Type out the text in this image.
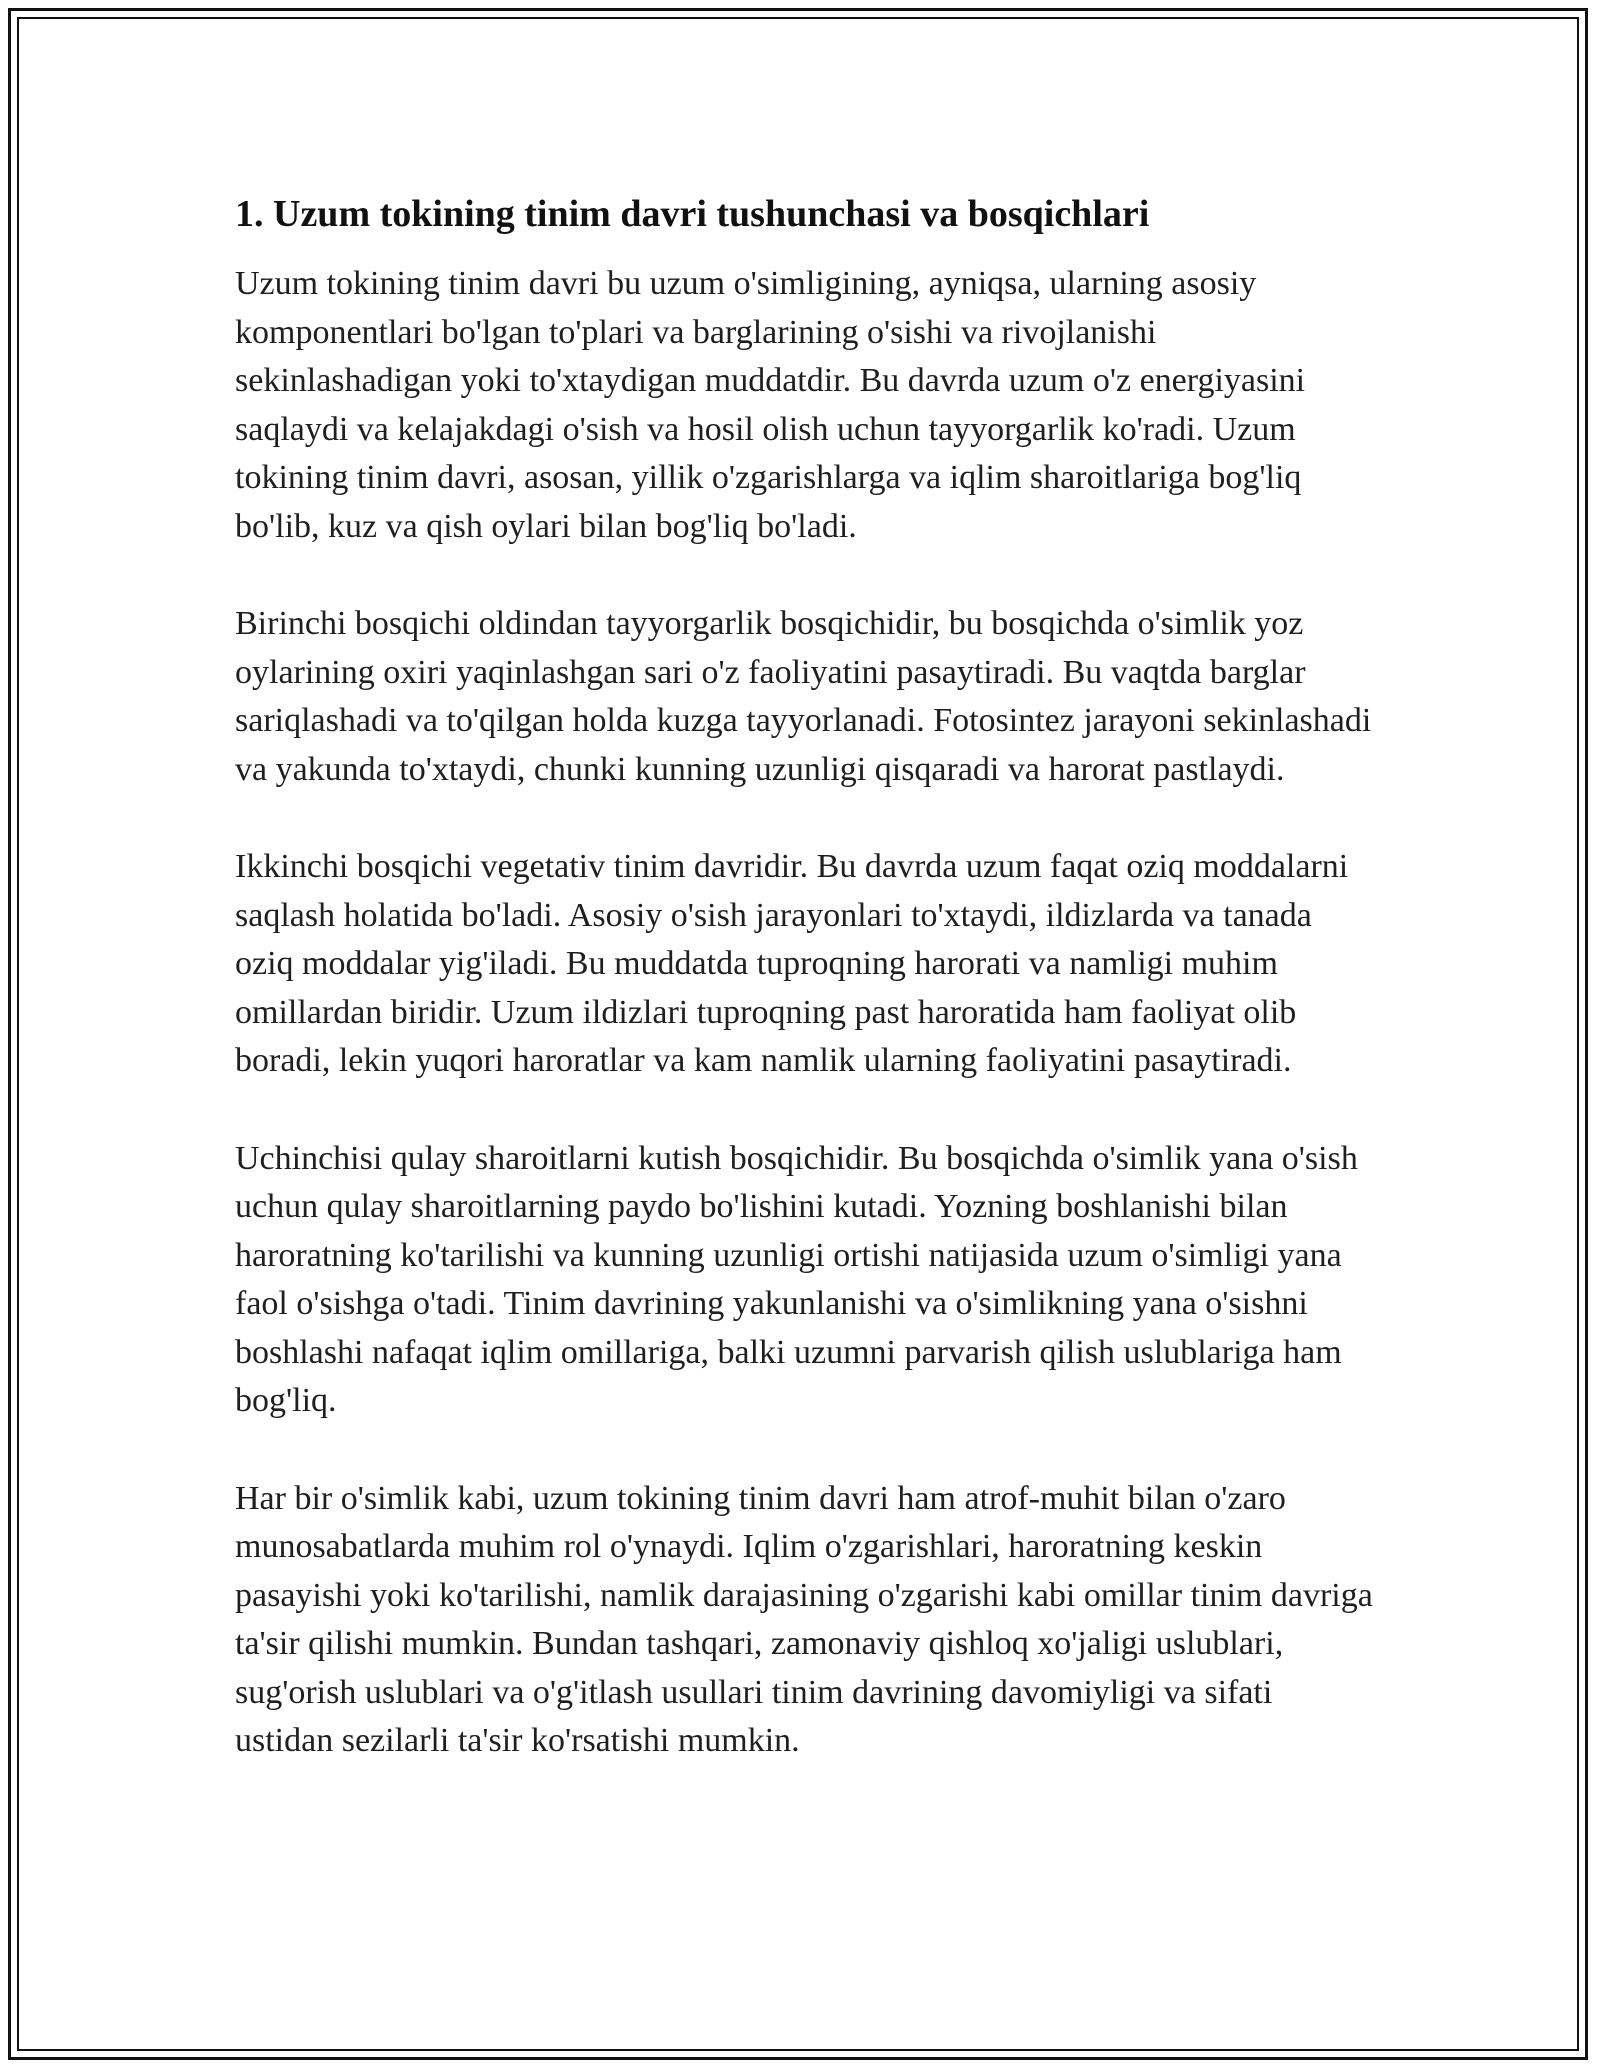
1. Uzum tokining tinim davri tushunchasi va bosqichlari

Uzum tokining tinim davri bu uzum o'simligining, ayniqsa, ularning asosiy komponentlari bo'lgan to'plari va barglarining o'sishi va rivojlanishi sekinlashadigan yoki to'xtaydigan muddatdir. Bu davrda uzum o'z energiyasini saqlaydi va kelajakdagi o'sish va hosil olish uchun tayyorgarlik ko'radi. Uzum tokining tinim davri, asosan, yillik o'zgarishlarga va iqlim sharoitlariga bog'liq bo'lib, kuz va qish oylari bilan bog'liq bo'ladi.

Birinchi bosqichi oldindan tayyorgarlik bosqichidir, bu bosqichda o'simlik yoz oylarining oxiri yaqinlashgan sari o'z faoliyatini pasaytiradi. Bu vaqtda barglar sariqlashadi va to'qilgan holda kuzga tayyorlanadi. Fotosintez jarayoni sekinlashadi va yakunda to'xtaydi, chunki kunning uzunligi qisqaradi va harorat pastlaydi.

Ikkinchi bosqichi vegetativ tinim davridir. Bu davrda uzum faqat oziq moddalarni saqlash holatida bo'ladi. Asosiy o'sish jarayonlari to'xtaydi, ildizlarda va tanada oziq moddalar yig'iladi. Bu muddatda tuproqning harorati va namligi muhim omillardan biridir. Uzum ildizlari tuproqning past haroratida ham faoliyat olib boradi, lekin yuqori haroratlar va kam namlik ularning faoliyatini pasaytiradi.

Uchinchisi qulay sharoitlarni kutish bosqichidir. Bu bosqichda o'simlik yana o'sish uchun qulay sharoitlarning paydo bo'lishini kutadi. Yozning boshlanishi bilan haroratning ko'tarilishi va kunning uzunligi ortishi natijasida uzum o'simligi yana faol o'sishga o'tadi. Tinim davrining yakunlanishi va o'simlikning yana o'sishni boshlashi nafaqat iqlim omillariga, balki uzumni parvarish qilish uslublariga ham bog'liq.

Har bir o'simlik kabi, uzum tokining tinim davri ham atrof-muhit bilan o'zaro munosabatlarda muhim rol o'ynaydi. Iqlim o'zgarishlari, haroratning keskin pasayishi yoki ko'tarilishi, namlik darajasining o'zgarishi kabi omillar tinim davriga ta'sir qilishi mumkin. Bundan tashqari, zamonaviy qishloq xo'jaligi uslublari, sug'orish uslublari va o'g'itlash usullari tinim davrining davomiyligi va sifati ustidan sezilarli ta'sir ko'rsatishi mumkin.
